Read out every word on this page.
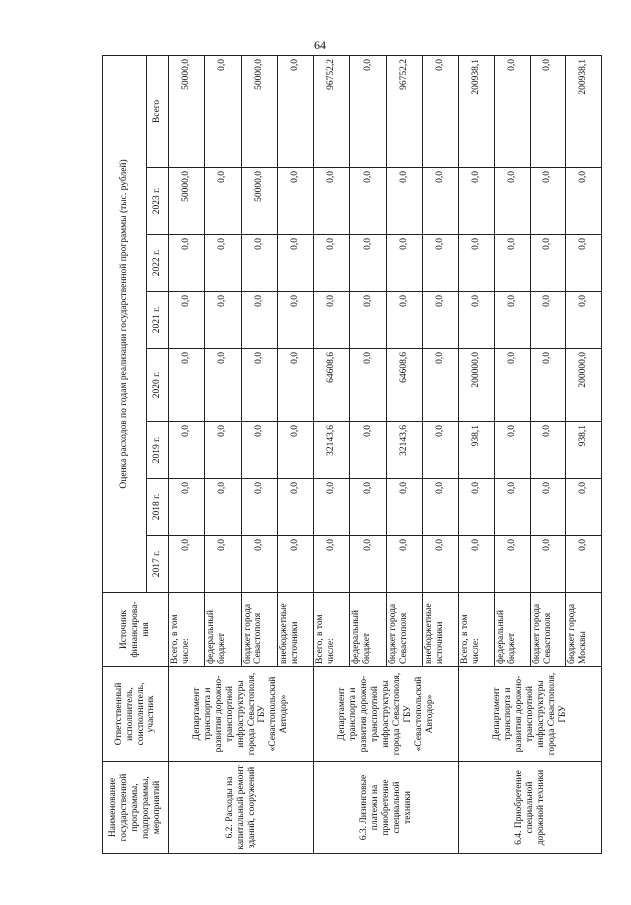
64
Наименование государственной программы, подпрограммы, мероприятий	Ответственный исполнитель, соисполнитель, участник	Источник финансирова-ния	Оценка расходов по годам реализации государственной программы (тыс. рублей)							
			2017 г.	2018 г.	2019 г.	2020 г.	2021 г.	2022 г.	2023 г.	Всего
6.2. Расходы на капитальный ремонт зданий, сооружений	Департамент транспорта и развития дорожно-транспортной инфраструктуры города Севастополя, ГБУ «Севастопольский Автодор»	Всего, в том числе:	0,0	0,0	0,0	0,0	0,0	0,0	50000,0	50000,0
		федеральный бюджет	0,0	0,0	0,0	0,0	0,0	0,0	0,0	0,0
		бюджет города Севастополя	0,0	0,0	0,0	0,0	0,0	0,0	50000,0	50000,0
		внебюджетные источники	0,0	0,0	0,0	0,0	0,0	0,0	0,0	0,0
6.3. Лизинговые платежи на приобретение специальной техники	Департамент транспорта и развития дорожно-транспортной инфраструктуры города Севастополя, ГБУ «Севастопольский Автодор»	Всего, в том числе:	0,0	0,0	32143,6	64608,6	0,0	0,0	0,0	96752,2
		федеральный бюджет	0,0	0,0	0,0	0,0	0,0	0,0	0,0	0,0
		бюджет города Севастополя	0,0	0,0	32143,6	64608,6	0,0	0,0	0,0	96752,2
		внебюджетные источники	0,0	0,0	0,0	0,0	0,0	0,0	0,0	0,0
6.4. Приобретение специальной дорожной техники	Департамент транспорта и развития дорожно-транспортной инфраструктуры города Севастополя, ГБУ	Всего, в том числе:	0,0	0,0	938,1	200000,0	0,0	0,0	0,0	200938,1
		федеральный бюджет	0,0	0,0	0,0	0,0	0,0	0,0	0,0	0,0
		бюджет города Севастополя	0,0	0,0	0,0	0,0	0,0	0,0	0,0	0,0
		бюджет города Москвы	0,0	0,0	938,1	200000,0	0,0	0,0	0,0	200938,1
